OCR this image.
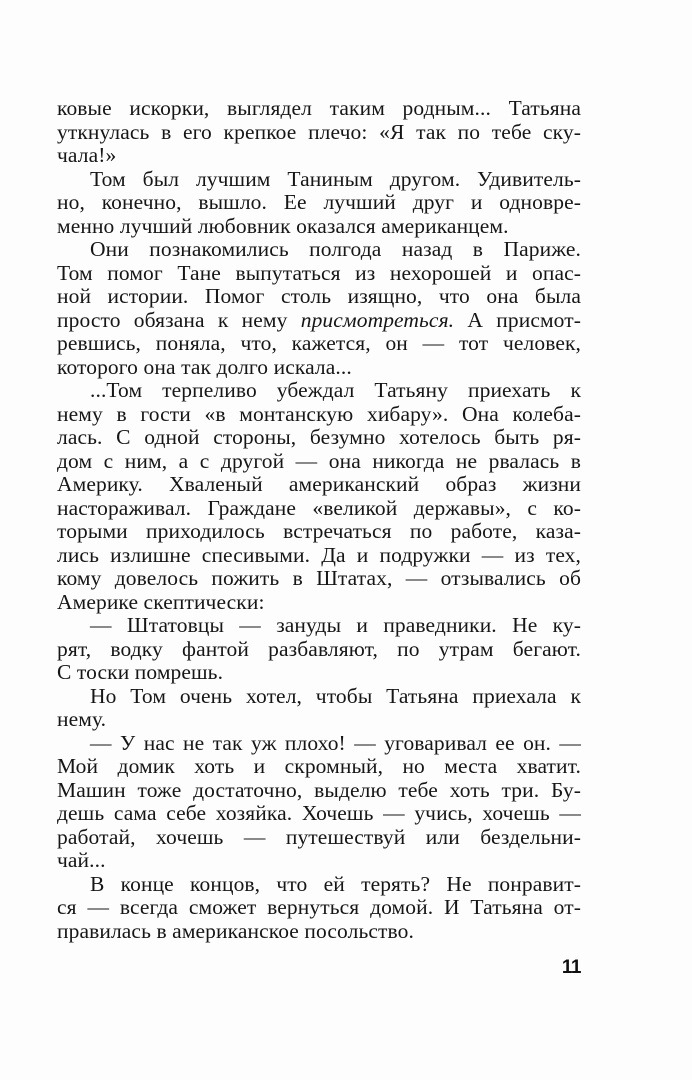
ковые искорки, выглядел таким родным... Татьяна
уткнулась в его крепкое плечо: «Я так по тебе ску-
чала!»
Том был лучшим Таниным другом. Удивитель-
но, конечно, вышло. Ее лучший друг и одновре-
менно лучший любовник оказался американцем.
Они познакомились полгода назад в Париже.
Том помог Тане выпутаться из нехорошей и опас-
ной истории. Помог столь изящно, что она была
просто обязана к нему присмотреться. А присмот-
ревшись, поняла, что, кажется, он — тот человек,
которого она так долго искала...
...Том терпеливо убеждал Татьяну приехать к
нему в гости «в монтанскую хибару». Она колеба-
лась. С одной стороны, безумно хотелось быть ря-
дом с ним, а с другой — она никогда не рвалась в
Америку. Хваленый американский образ жизни
настораживал. Граждане «великой державы», с ко-
торыми приходилось встречаться по работе, каза-
лись излишне спесивыми. Да и подружки — из тех,
кому довелось пожить в Штатах, — отзывались об
Америке скептически:
— Штатовцы — зануды и праведники. Не ку-
рят, водку фантой разбавляют, по утрам бегают.
С тоски помрешь.
Но Том очень хотел, чтобы Татьяна приехала к
нему.
— У нас не так уж плохо! — уговаривал ее он. —
Мой домик хоть и скромный, но места хватит.
Машин тоже достаточно, выделю тебе хоть три. Бу-
дешь сама себе хозяйка. Хочешь — учись, хочешь —
работай, хочешь — путешествуй или бездельни-
чай...
В конце концов, что ей терять? Не понравит-
ся — всегда сможет вернуться домой. И Татьяна от-
правилась в американское посольство.
11
